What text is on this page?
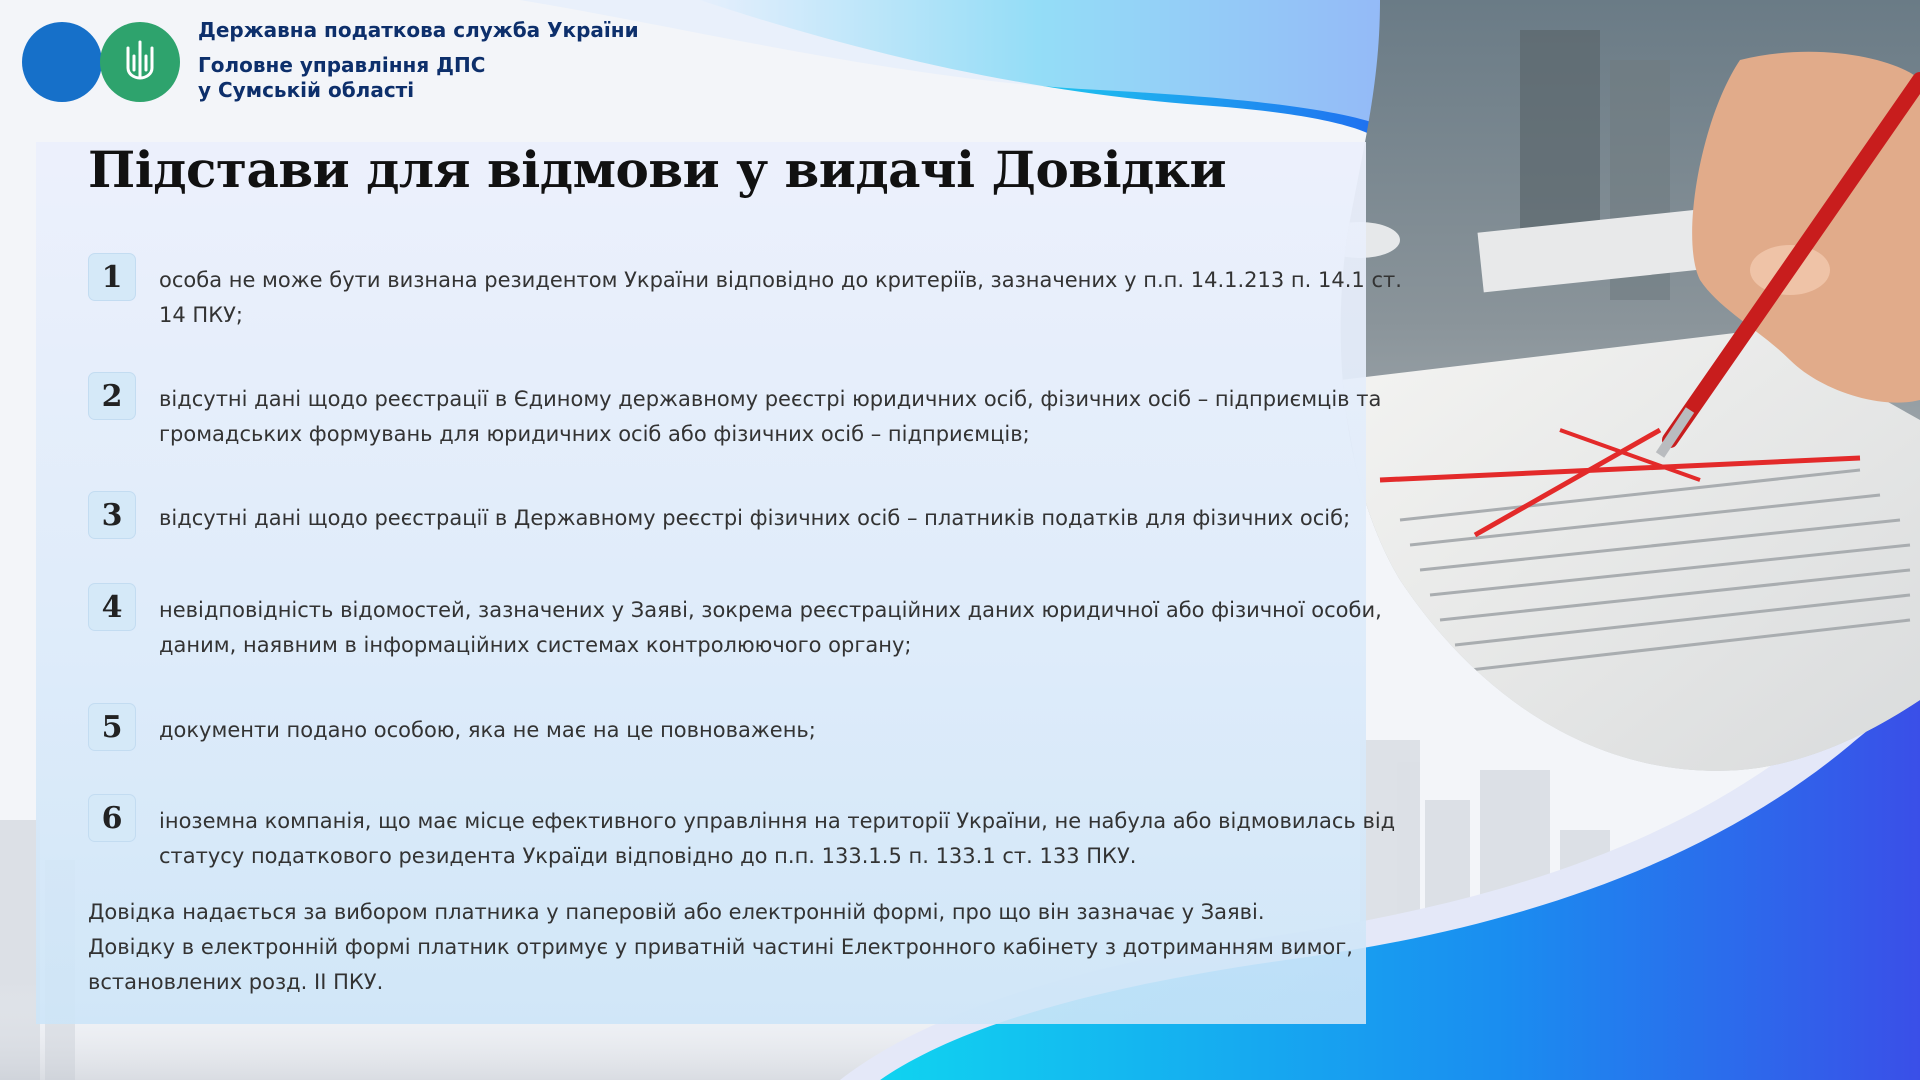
Державна податкова служба України
Головне управління ДПС
у Сумській області
Підстави для відмови у видачі Довідки
1	особа не може бути визнана резидентом України відповідно до критеріїв, зазначених у п.п. 14.1.213 п. 14.1 ст. 14 ПКУ;
2	відсутні дані щодо реєстрації в Єдиному державному реєстрі юридичних осіб, фізичних осіб – підприємців та громадських формувань для юридичних осіб або фізичних осіб – підприємців;
3	відсутні дані щодо реєстрації в Державному реєстрі фізичних осіб – платників податків для фізичних осіб;
4	невідповідність відомостей, зазначених у Заяві, зокрема реєстраційних даних юридичної або фізичної особи, даним, наявним в інформаційних системах контролюючого органу;
5	документи подано особою, яка не має на це повноважень;
6	іноземна компанія, що має місце ефективного управління на території України, не набула або відмовилась від статусу податкового резидента Україди відповідно до п.п. 133.1.5 п. 133.1 ст. 133 ПКУ.
Довідка надається за вибором платника у паперовій або електронній формі, про що він зазначає у Заяві. Довідку в електронній формі платник отримує у приватній частині Електронного кабінету з дотриманням вимог, встановлених розд. ІІ ПКУ.
